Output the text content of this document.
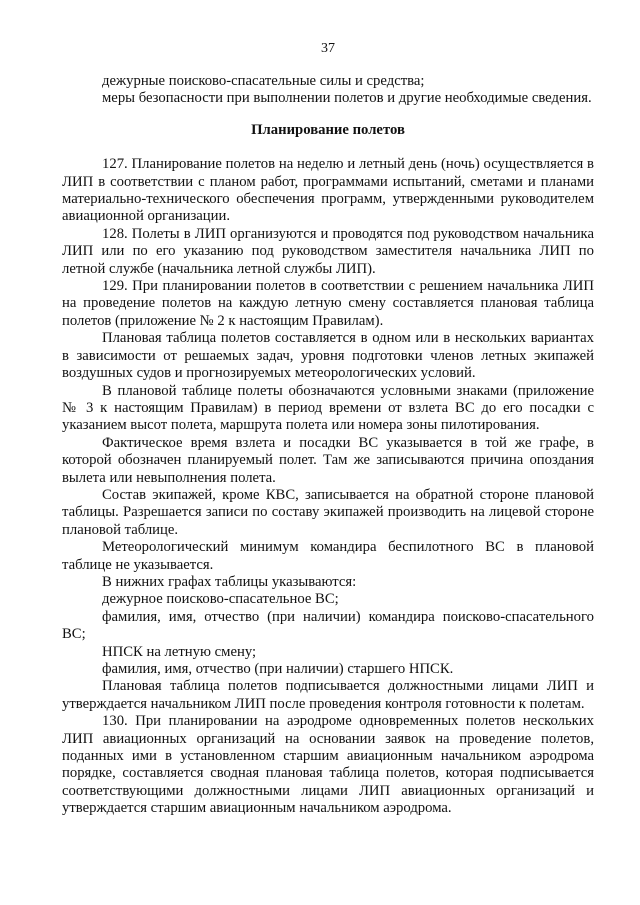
37

дежурные поисково-спасательные силы и средства;

меры безопасности при выполнении полетов и другие необходимые сведения.

Планирование полетов

127. Планирование полетов на неделю и летный день (ночь) осуществляется в ЛИП в соответствии с планом работ, программами испытаний, сметами и планами материально-технического обеспечения программ, утвержденными руководителем авиационной организации.

128. Полеты в ЛИП организуются и проводятся под руководством начальника ЛИП или по его указанию под руководством заместителя начальника ЛИП по летной службе (начальника летной службы ЛИП).

129. При планировании полетов в соответствии с решением начальника ЛИП на проведение полетов на каждую летную смену составляется плановая таблица полетов (приложение № 2 к настоящим Правилам).

Плановая таблица полетов составляется в одном или в нескольких вариантах в зависимости от решаемых задач, уровня подготовки членов летных экипажей воздушных судов и прогнозируемых метеорологических условий.

В плановой таблице полеты обозначаются условными знаками (приложение № 3 к настоящим Правилам) в период времени от взлета ВС до его посадки с указанием высот полета, маршрута полета или номера зоны пилотирования.

Фактическое время взлета и посадки ВС указывается в той же графе, в которой обозначен планируемый полет. Там же записываются причина опоздания вылета или невыполнения полета.

Состав экипажей, кроме КВС, записывается на обратной стороне плановой таблицы. Разрешается записи по составу экипажей производить на лицевой стороне плановой таблице.

Метеорологический минимум командира беспилотного ВС в плановой таблице не указывается.

В нижних графах таблицы указываются:

дежурное поисково-спасательное ВС;

фамилия, имя, отчество (при наличии) командира поисково-спасательного ВС;

НПСК на летную смену;

фамилия, имя, отчество (при наличии) старшего НПСК.

Плановая таблица полетов подписывается должностными лицами ЛИП и утверждается начальником ЛИП после проведения контроля готовности к полетам.

130. При планировании на аэродроме одновременных полетов нескольких ЛИП авиационных организаций на основании заявок на проведение полетов, поданных ими в установленном старшим авиационным начальником аэродрома порядке, составляется сводная плановая таблица полетов, которая подписывается соответствующими должностными лицами ЛИП авиационных организаций и утверждается старшим авиационным начальником аэродрома.
